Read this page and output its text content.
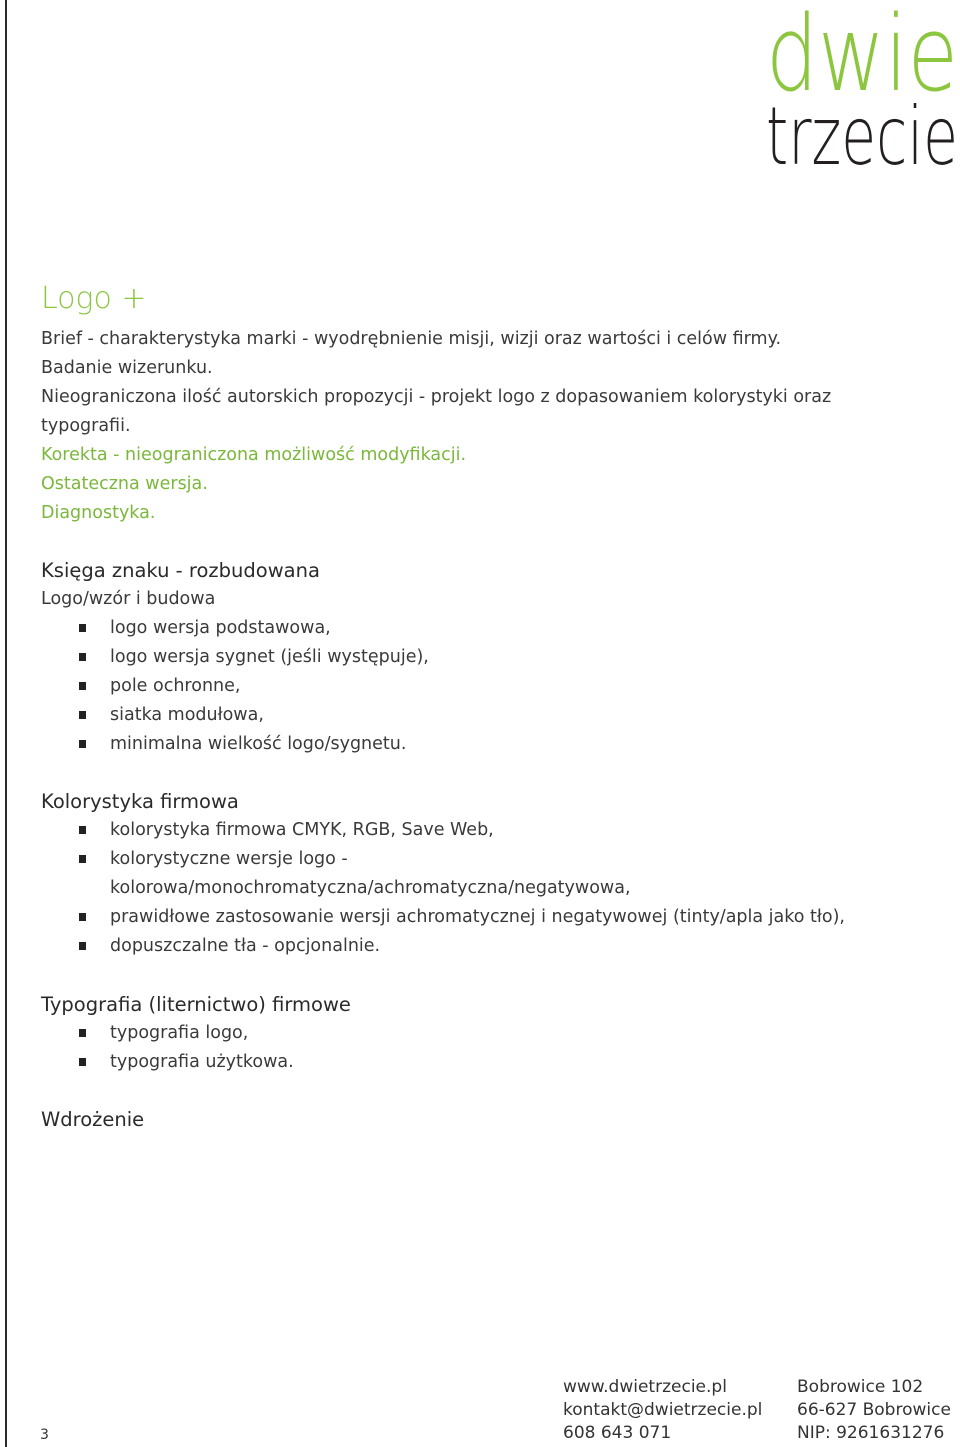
dwie
trzecie
Logo +
Brief - charakterystyka marki - wyodrębnienie misji, wizji oraz wartości i celów firmy.
Badanie wizerunku.
Nieograniczona ilość autorskich propozycji - projekt logo z dopasowaniem kolorystyki oraz
typografii.
Korekta - nieograniczona możliwość modyfikacji.
Ostateczna wersja.
Diagnostyka.
Księga znaku - rozbudowana
Logo/wzór i budowa
logo wersja podstawowa,
logo wersja sygnet (jeśli występuje),
pole ochronne,
siatka modułowa,
minimalna wielkość logo/sygnetu.
Kolorystyka firmowa
kolorystyka firmowa CMYK, RGB, Save Web,
kolorystyczne wersje logo -
kolorowa/monochromatyczna/achromatyczna/negatywowa,
prawidłowe zastosowanie wersji achromatycznej i negatywowej (tinty/apla jako tło),
dopuszczalne tła - opcjonalnie.
Typografia (liternictwo) firmowe
typografia logo,
typografia użytkowa.
Wdrożenie
www.dwietrzecie.pl
kontakt@dwietrzecie.pl
608 643 071
Bobrowice 102
66-627 Bobrowice
NIP: 9261631276
3
